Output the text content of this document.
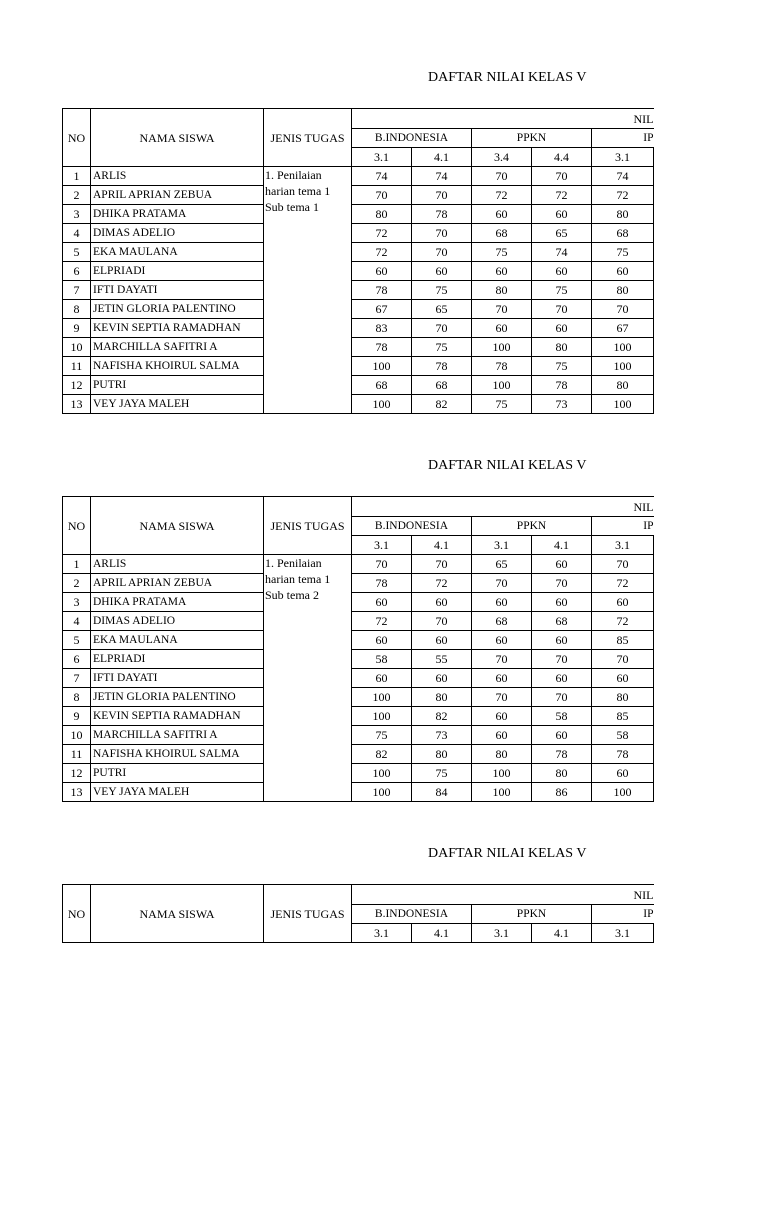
DAFTAR NILAI KELAS V
NO	NAMA SISWA	JENIS TUGAS	NIL				
			B.INDONESIA		PPKN		IP
			3.1	4.1	3.4	4.4	3.1
1	ARLIS	1. Penilaian harian tema 1 Sub tema 1	74	74	70	70	74
2	APRIL APRIAN ZEBUA		70	70	72	72	72
3	DHIKA PRATAMA		80	78	60	60	80
4	DIMAS ADELIO		72	70	68	65	68
5	EKA MAULANA		72	70	75	74	75
6	ELPRIADI		60	60	60	60	60
7	IFTI DAYATI		78	75	80	75	80
8	JETIN GLORIA PALENTINO		67	65	70	70	70
9	KEVIN SEPTIA RAMADHAN		83	70	60	60	67
10	MARCHILLA SAFITRI A		78	75	100	80	100
11	NAFISHA KHOIRUL SALMA		100	78	78	75	100
12	PUTRI		68	68	100	78	80
13	VEY JAYA MALEH		100	82	75	73	100
DAFTAR NILAI KELAS V
NO	NAMA SISWA	JENIS TUGAS	NIL				
			B.INDONESIA		PPKN		IP
			3.1	4.1	3.1	4.1	3.1
1	ARLIS	1. Penilaian harian tema 1 Sub tema 2	70	70	65	60	70
2	APRIL APRIAN ZEBUA		78	72	70	70	72
3	DHIKA PRATAMA		60	60	60	60	60
4	DIMAS ADELIO		72	70	68	68	72
5	EKA MAULANA		60	60	60	60	85
6	ELPRIADI		58	55	70	70	70
7	IFTI DAYATI		60	60	60	60	60
8	JETIN GLORIA PALENTINO		100	80	70	70	80
9	KEVIN SEPTIA RAMADHAN		100	82	60	58	85
10	MARCHILLA SAFITRI A		75	73	60	60	58
11	NAFISHA KHOIRUL SALMA		82	80	80	78	78
12	PUTRI		100	75	100	80	60
13	VEY JAYA MALEH		100	84	100	86	100
DAFTAR NILAI KELAS V
NO	NAMA SISWA	JENIS TUGAS	NIL				
			B.INDONESIA		PPKN		IP
			3.1	4.1	3.1	4.1	3.1
